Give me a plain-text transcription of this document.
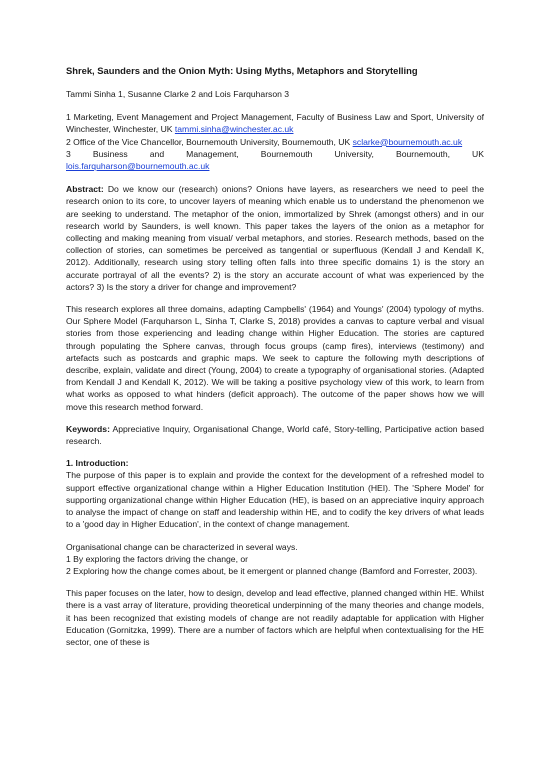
Shrek, Saunders and the Onion Myth: Using Myths, Metaphors and Storytelling
Tammi Sinha 1, Susanne Clarke 2 and Lois Farquharson 3
1 Marketing, Event Management and Project Management, Faculty of Business Law and Sport, University of Winchester, Winchester, UK tammi.sinha@winchester.ac.uk
2 Office of the Vice Chancellor, Bournemouth University, Bournemouth, UK sclarke@bournemouth.ac.uk
3 Business and Management, Bournemouth University, Bournemouth, UK lois.farquharson@bournemouth.ac.uk

Abstract: Do we know our (research) onions? Onions have layers, as researchers we need to peel the research onion to its core, to uncover layers of meaning which enable us to understand the phenomenon we are seeking to understand. The metaphor of the onion, immortalized by Shrek (amongst others) and in our research world by Saunders, is well known. This paper takes the layers of the onion as a metaphor for collecting and making meaning from visual/ verbal metaphors, and stories. Research methods, based on the collection of stories, can sometimes be perceived as tangential or superfluous (Kendall J and Kendall K, 2012). Additionally, research using story telling often falls into three specific domains 1) is the story an accurate portrayal of all the events? 2) is the story an accurate account of what was experienced by the actors? 3) Is the story a driver for change and improvement?

This research explores all three domains, adapting Campbells' (1964) and Youngs' (2004) typology of myths. Our Sphere Model (Farquharson L, Sinha T, Clarke S, 2018) provides a canvas to capture verbal and visual stories from those experiencing and leading change within Higher Education. The stories are captured through populating the Sphere canvas, through focus groups (camp fires), interviews (testimony) and artefacts such as postcards and graphic maps. We seek to capture the following myth descriptions of describe, explain, validate and direct (Young, 2004) to create a typography of organisational stories. (Adapted from Kendall J and Kendall K, 2012). We will be taking a positive psychology view of this work, to learn from what works as opposed to what hinders (deficit approach). The outcome of the paper shows how we will move this research method forward.

Keywords: Appreciative Inquiry, Organisational Change, World café, Story-telling, Participative action based research.

1. Introduction:

The purpose of this paper is to explain and provide the context for the development of a refreshed model to support effective organizational change within a Higher Education Institution (HEI). The 'Sphere Model' for supporting organizational change within Higher Education (HE), is based on an appreciative inquiry approach to analyse the impact of change on staff and leadership within HE, and to codify the key drivers of what leads to a 'good day in Higher Education', in the context of change management.

Organisational change can be characterized in several ways.
1 By exploring the factors driving the change, or
2 Exploring how the change comes about, be it emergent or planned change (Bamford and Forrester, 2003).

This paper focuses on the later, how to design, develop and lead effective, planned changed within HE. Whilst there is a vast array of literature, providing theoretical underpinning of the many theories and change models, it has been recognized that existing models of change are not readily adaptable for application with Higher Education (Gornitzka, 1999). There are a number of factors which are helpful when contextualising for the HE sector, one of these is
